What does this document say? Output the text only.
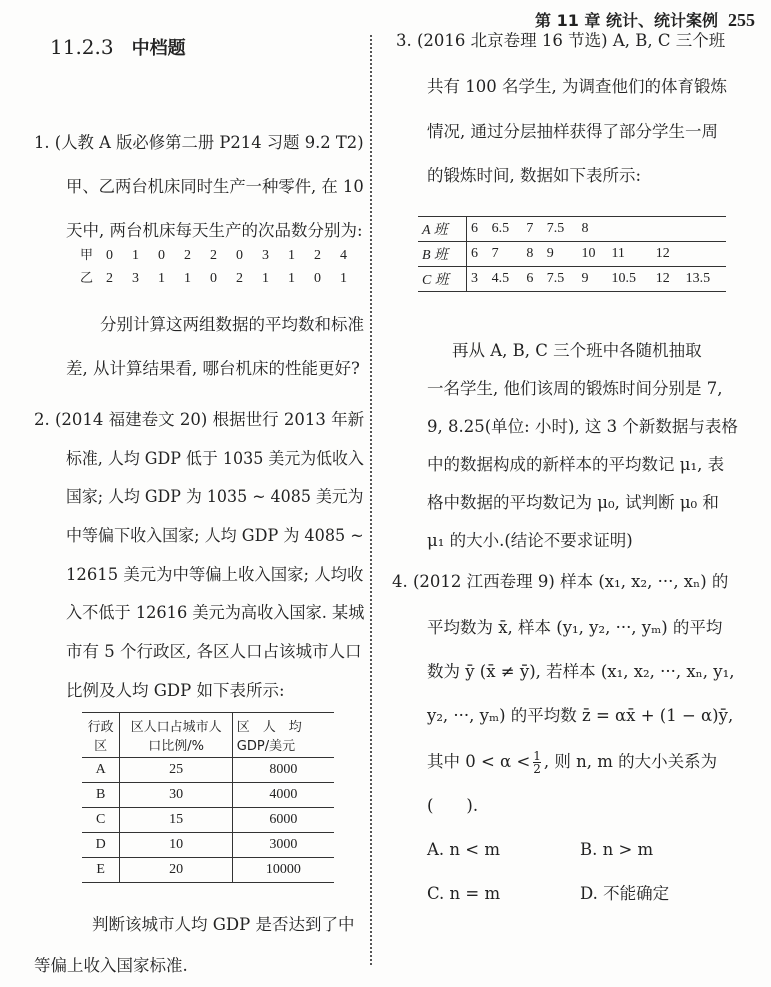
第 11 章 统计、统计案例 255
11.2.3 中档题
1. (人教 A 版必修第二册 P214 习题 9.2 T2)
甲、乙两台机床同时生产一种零件, 在 10
天中, 两台机床每天生产的次品数分别为:
甲 0 1 0 2 2 0 3 1 2 4
乙 2 3 1 1 0 2 1 1 0 1
分别计算这两组数据的平均数和标准
差, 从计算结果看, 哪台机床的性能更好?
2. (2014 福建卷文 20) 根据世行 2013 年新
标准, 人均 GDP 低于 1035 美元为低收入
国家; 人均 GDP 为 1035 ~ 4085 美元为
中等偏下收入国家; 人均 GDP 为 4085 ~
12615 美元为中等偏上收入国家; 人均收
入不低于 12616 美元为高收入国家. 某城
市有 5 个行政区, 各区人口占该城市人口
比例及人均 GDP 如下表所示:
行政区	区人口占城市人口比例/%	区　人　均 GDP/美元
A	25	8000
B	30	4000
C	15	6000
D	10	3000
E	20	10000
判断该城市人均 GDP 是否达到了中
等偏上收入国家标准.
3. (2016 北京卷理 16 节选) A, B, C 三个班
共有 100 名学生, 为调查他们的体育锻炼
情况, 通过分层抽样获得了部分学生一周
的锻炼时间, 数据如下表所示:
A 班	6	6.5	7	7.5	8			
B 班	6	7	8	9	10	11	12	
C 班	3	4.5	6	7.5	9	10.5	12	13.5
再从 A, B, C 三个班中各随机抽取
一名学生, 他们该周的锻炼时间分别是 7,
9, 8.25(单位: 小时), 这 3 个新数据与表格
中的数据构成的新样本的平均数记 μ₁, 表
格中数据的平均数记为 μ₀, 试判断 μ₀ 和
μ₁ 的大小.(结论不要求证明)
4. (2012 江西卷理 9) 样本 (x₁, x₂, ···, xₙ) 的
平均数为 x̄, 样本 (y₁, y₂, ···, yₘ) 的平均
数为 ȳ (x̄ ≠ ȳ), 若样本 (x₁, x₂, ···, xₙ, y₁,
y₂, ···, yₘ) 的平均数 z̄ = αx̄ + (1 − α)ȳ,
其中 $0 < \alpha < \frac{1}{2}$ , 则 n, m 的大小关系为
(　　).
A. n < m	B. n > m
C. n = m	D. 不能确定
